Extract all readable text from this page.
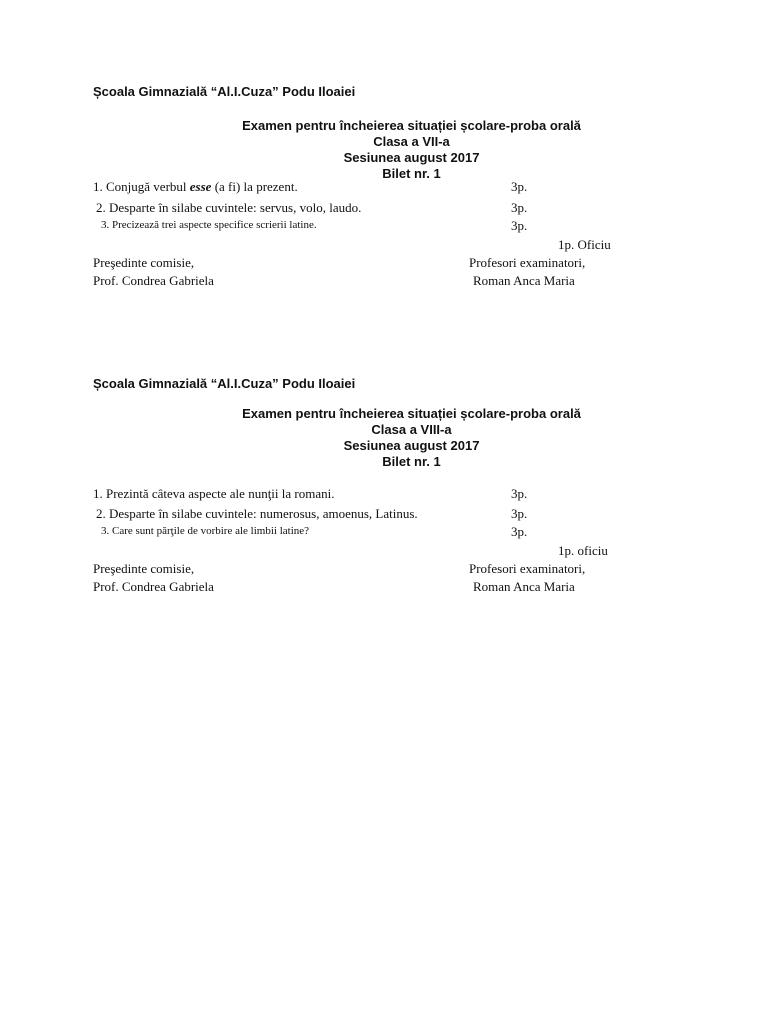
Școala Gimnazială “Al.I.Cuza” Podu Iloaiei
Examen pentru încheierea situației școlare-proba orală
Clasa a VII-a
Sesiunea august 2017
Bilet nr. 1
1. Conjugă verbul esse (a fi) la prezent.	3p.
2. Desparte în silabe cuvintele: servus, volo, laudo.	3p.
3. Precizează trei aspecte specifice scrierii latine.	3p.
1p. Oficiu
Preşedinte comisie,
Prof. Condrea Gabriela
Profesori examinatori,
Roman Anca Maria
Școala Gimnazială “Al.I.Cuza” Podu Iloaiei
Examen pentru încheierea situației școlare-proba orală
Clasa a VIII-a
Sesiunea august 2017
Bilet nr. 1
1. Prezintă câteva aspecte ale nunţii la romani.	3p.
2. Desparte în silabe cuvintele: numerosus, amoenus, Latinus.	3p.
3. Care sunt părţile de vorbire ale limbii latine?	3p.
1p. oficiu
Preşedinte comisie,
Prof. Condrea Gabriela
Profesori examinatori,
Roman Anca Maria
